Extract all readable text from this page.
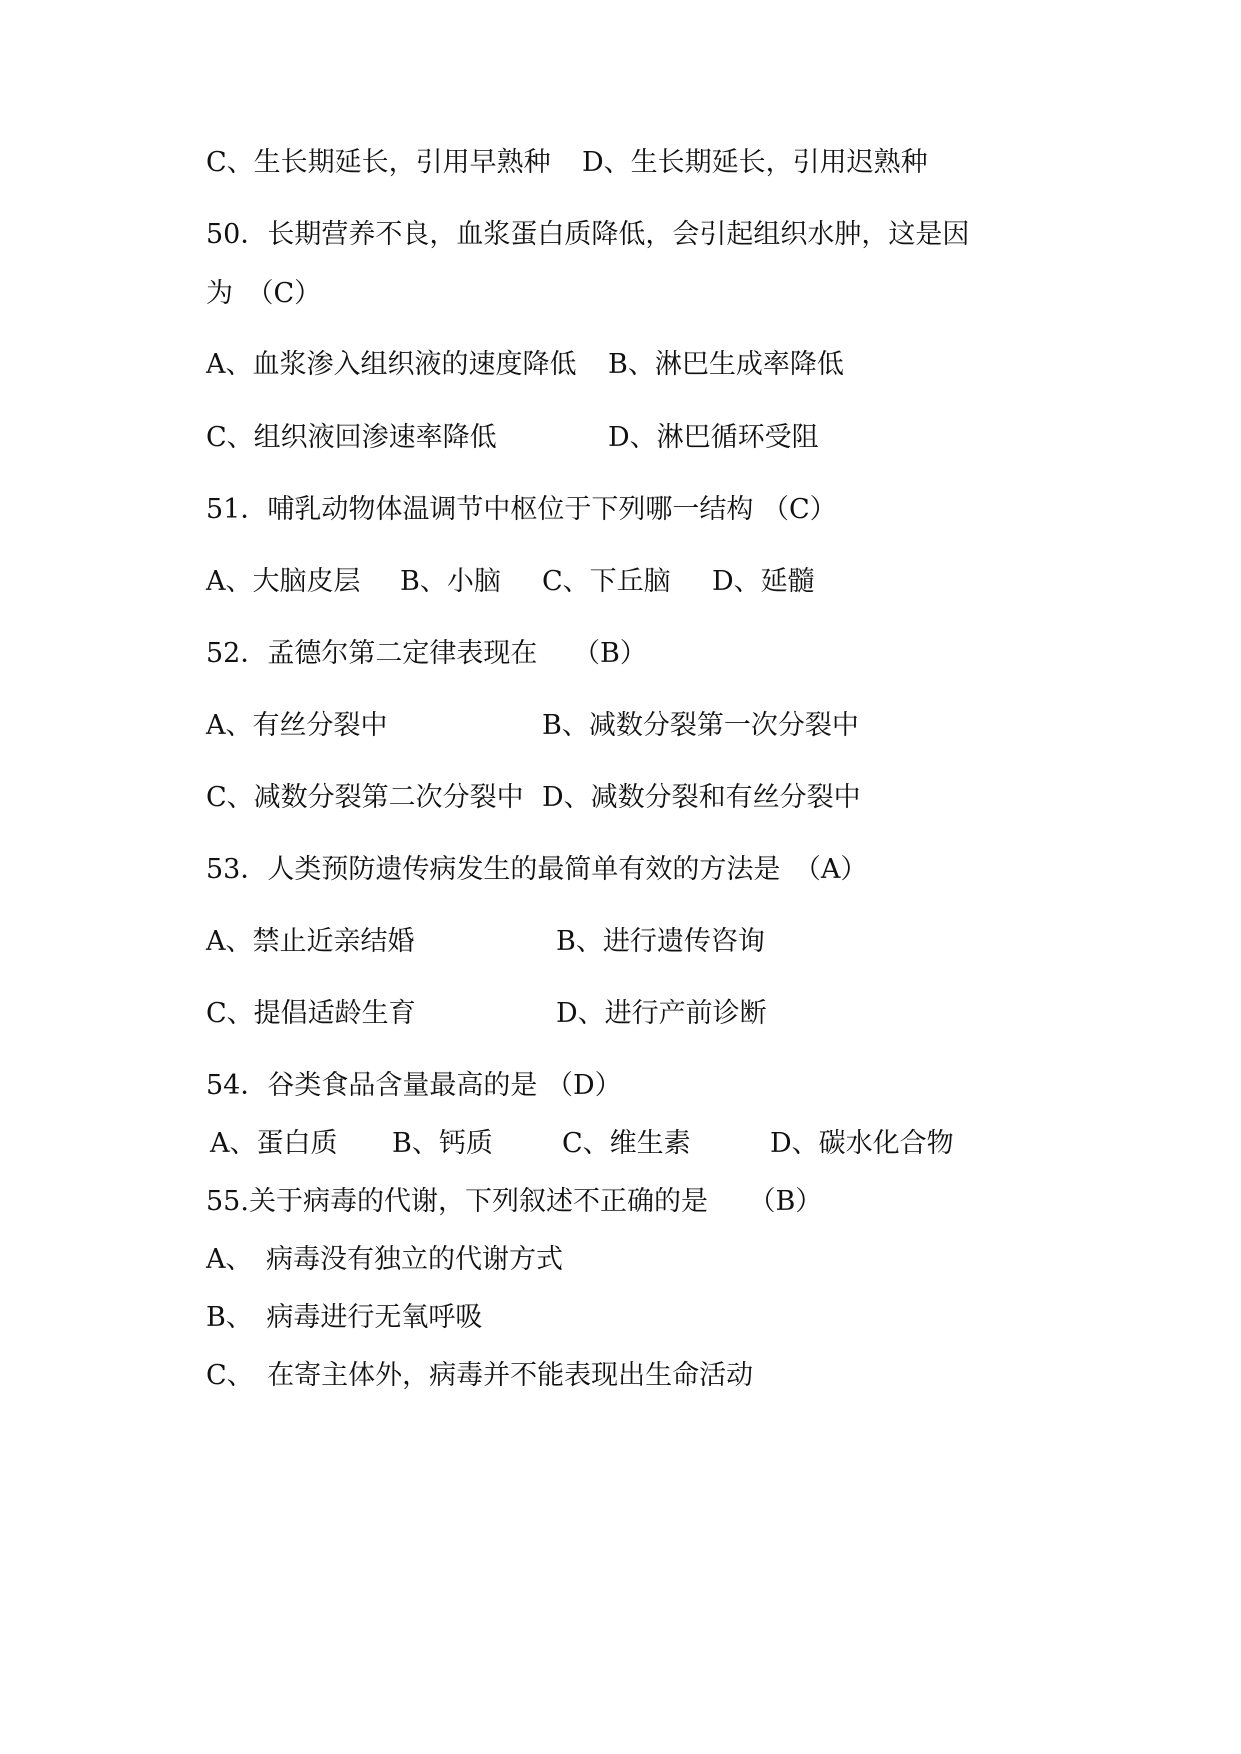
C、生长期延长，引用早熟种 D、生长期延长，引用迟熟种
50．长期营养不良，血浆蛋白质降低，会引起组织水肿，这是因
为　（C）
A、血浆渗入组织液的速度降低 B、淋巴生成率降低
C、组织液回渗速率降低	D、淋巴循环受阻
51．哺乳动物体温调节中枢位于下列哪一结构 （C）
A、大脑皮层 B、小脑 C、下丘脑 D、延髓
52．孟德尔第二定律表现在　 （B）
A、有丝分裂中	B、减数分裂第一次分裂中
C、减数分裂第二次分裂中 D、减数分裂和有丝分裂中
53．人类预防遗传病发生的最简单有效的方法是　（A）
A、禁止近亲结婚	B、进行遗传咨询
C、提倡适龄生育	D、进行产前诊断
54．谷类食品含量最高的是 （D）
A、蛋白质 B、钙质	C、维生素	D、碳水化合物
55.关于病毒的代谢，下列叙述不正确的是　　（B）
A、　病毒没有独立的代谢方式
B、　病毒进行无氧呼吸
C、　在寄主体外，病毒并不能表现出生命活动
